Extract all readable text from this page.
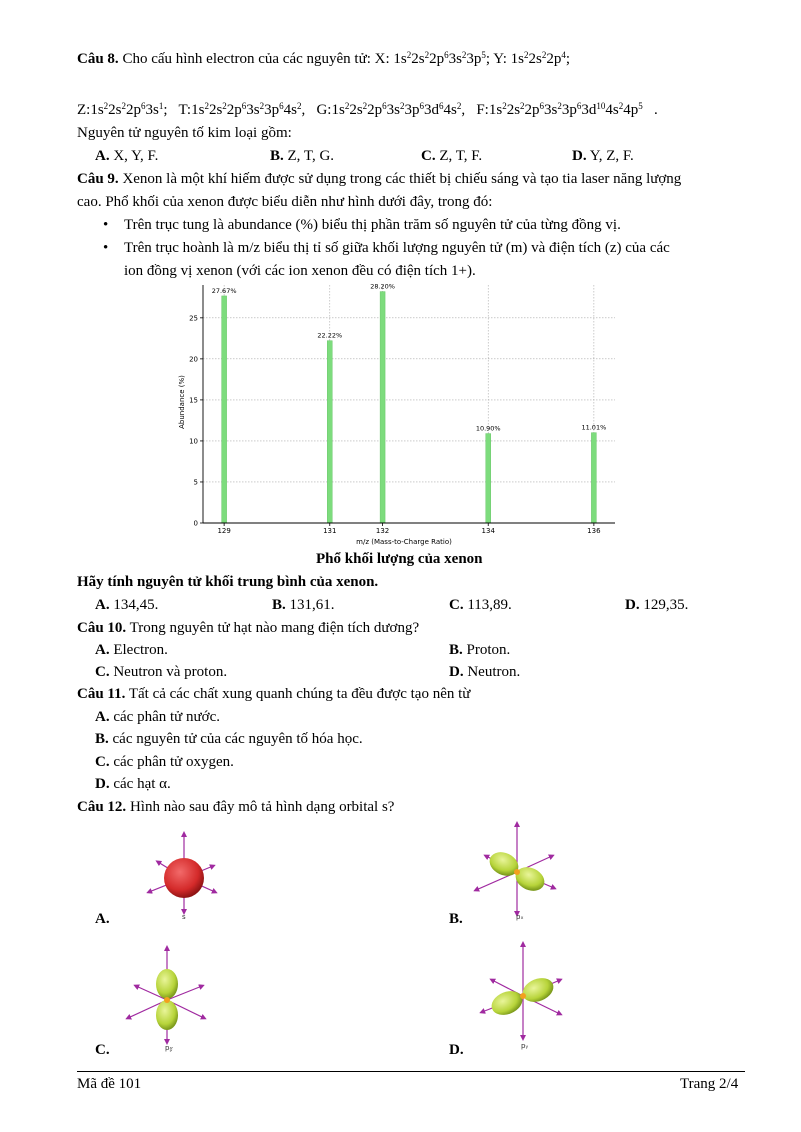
Câu 8. Cho cấu hình electron của các nguyên tử: X: $1s^22s^22p^63s^23p^5$; Y: $1s^22s^22p^4$;
$Z:1s^22s^22p^63s^1$;   $T:1s^22s^22p^63s^23p^64s^2$,   $G:1s^22s^22p^63s^23p^63d^64s^2$,   $F:1s^22s^22p^63s^23p^63d^{10}4s^24p^5$   .
Nguyên tử nguyên tố kim loại gồm:
A. X, Y, F.	B. Z, T, G.	C. Z, T, F.	D. Y, Z, F.
Câu 9. Xenon là một khí hiếm được sử dụng trong các thiết bị chiếu sáng và tạo tia laser năng lượng
cao. Phổ khối của xenon được biểu diễn như hình dưới đây, trong đó:
• Trên trục tung là abundance (%) biểu thị phần trăm số nguyên tử của từng đồng vị.
• Trên trục hoành là m/z biểu thị tỉ số giữa khối lượng nguyên tử (m) và điện tích (z) của các
ion đồng vị xenon (với các ion xenon đều có điện tích 1+).
27.67%
22.22%
28.20%
10.90%	11.01%
0
5
10
15
20
25
129	131	132	134	136
Abundance (%)
m/z (Mass-to-Charge Ratio)
Phổ khối lượng của xenon
Hãy tính nguyên tử khối trung bình của xenon.
A. 134,45.	B. 131,61.	C. 113,89.	D. 129,35.
Câu 10. Trong nguyên tử hạt nào mang điện tích dương?
A. Electron.	B. Proton.
C. Neutron và proton.	D. Neutron.
Câu 11. Tất cả các chất xung quanh chúng ta đều được tạo nên từ
A. các phân tử nước.
B. các nguyên tử của các nguyên tố hóa học.
C. các phân tử oxygen.
D. các hạt α.
Câu 12. Hình nào sau đây mô tả hình dạng orbital s?
s
A.	pₓ
B.
p𝓏
C.	pᵧ
D.
Mã đề 101	Trang 2/4
